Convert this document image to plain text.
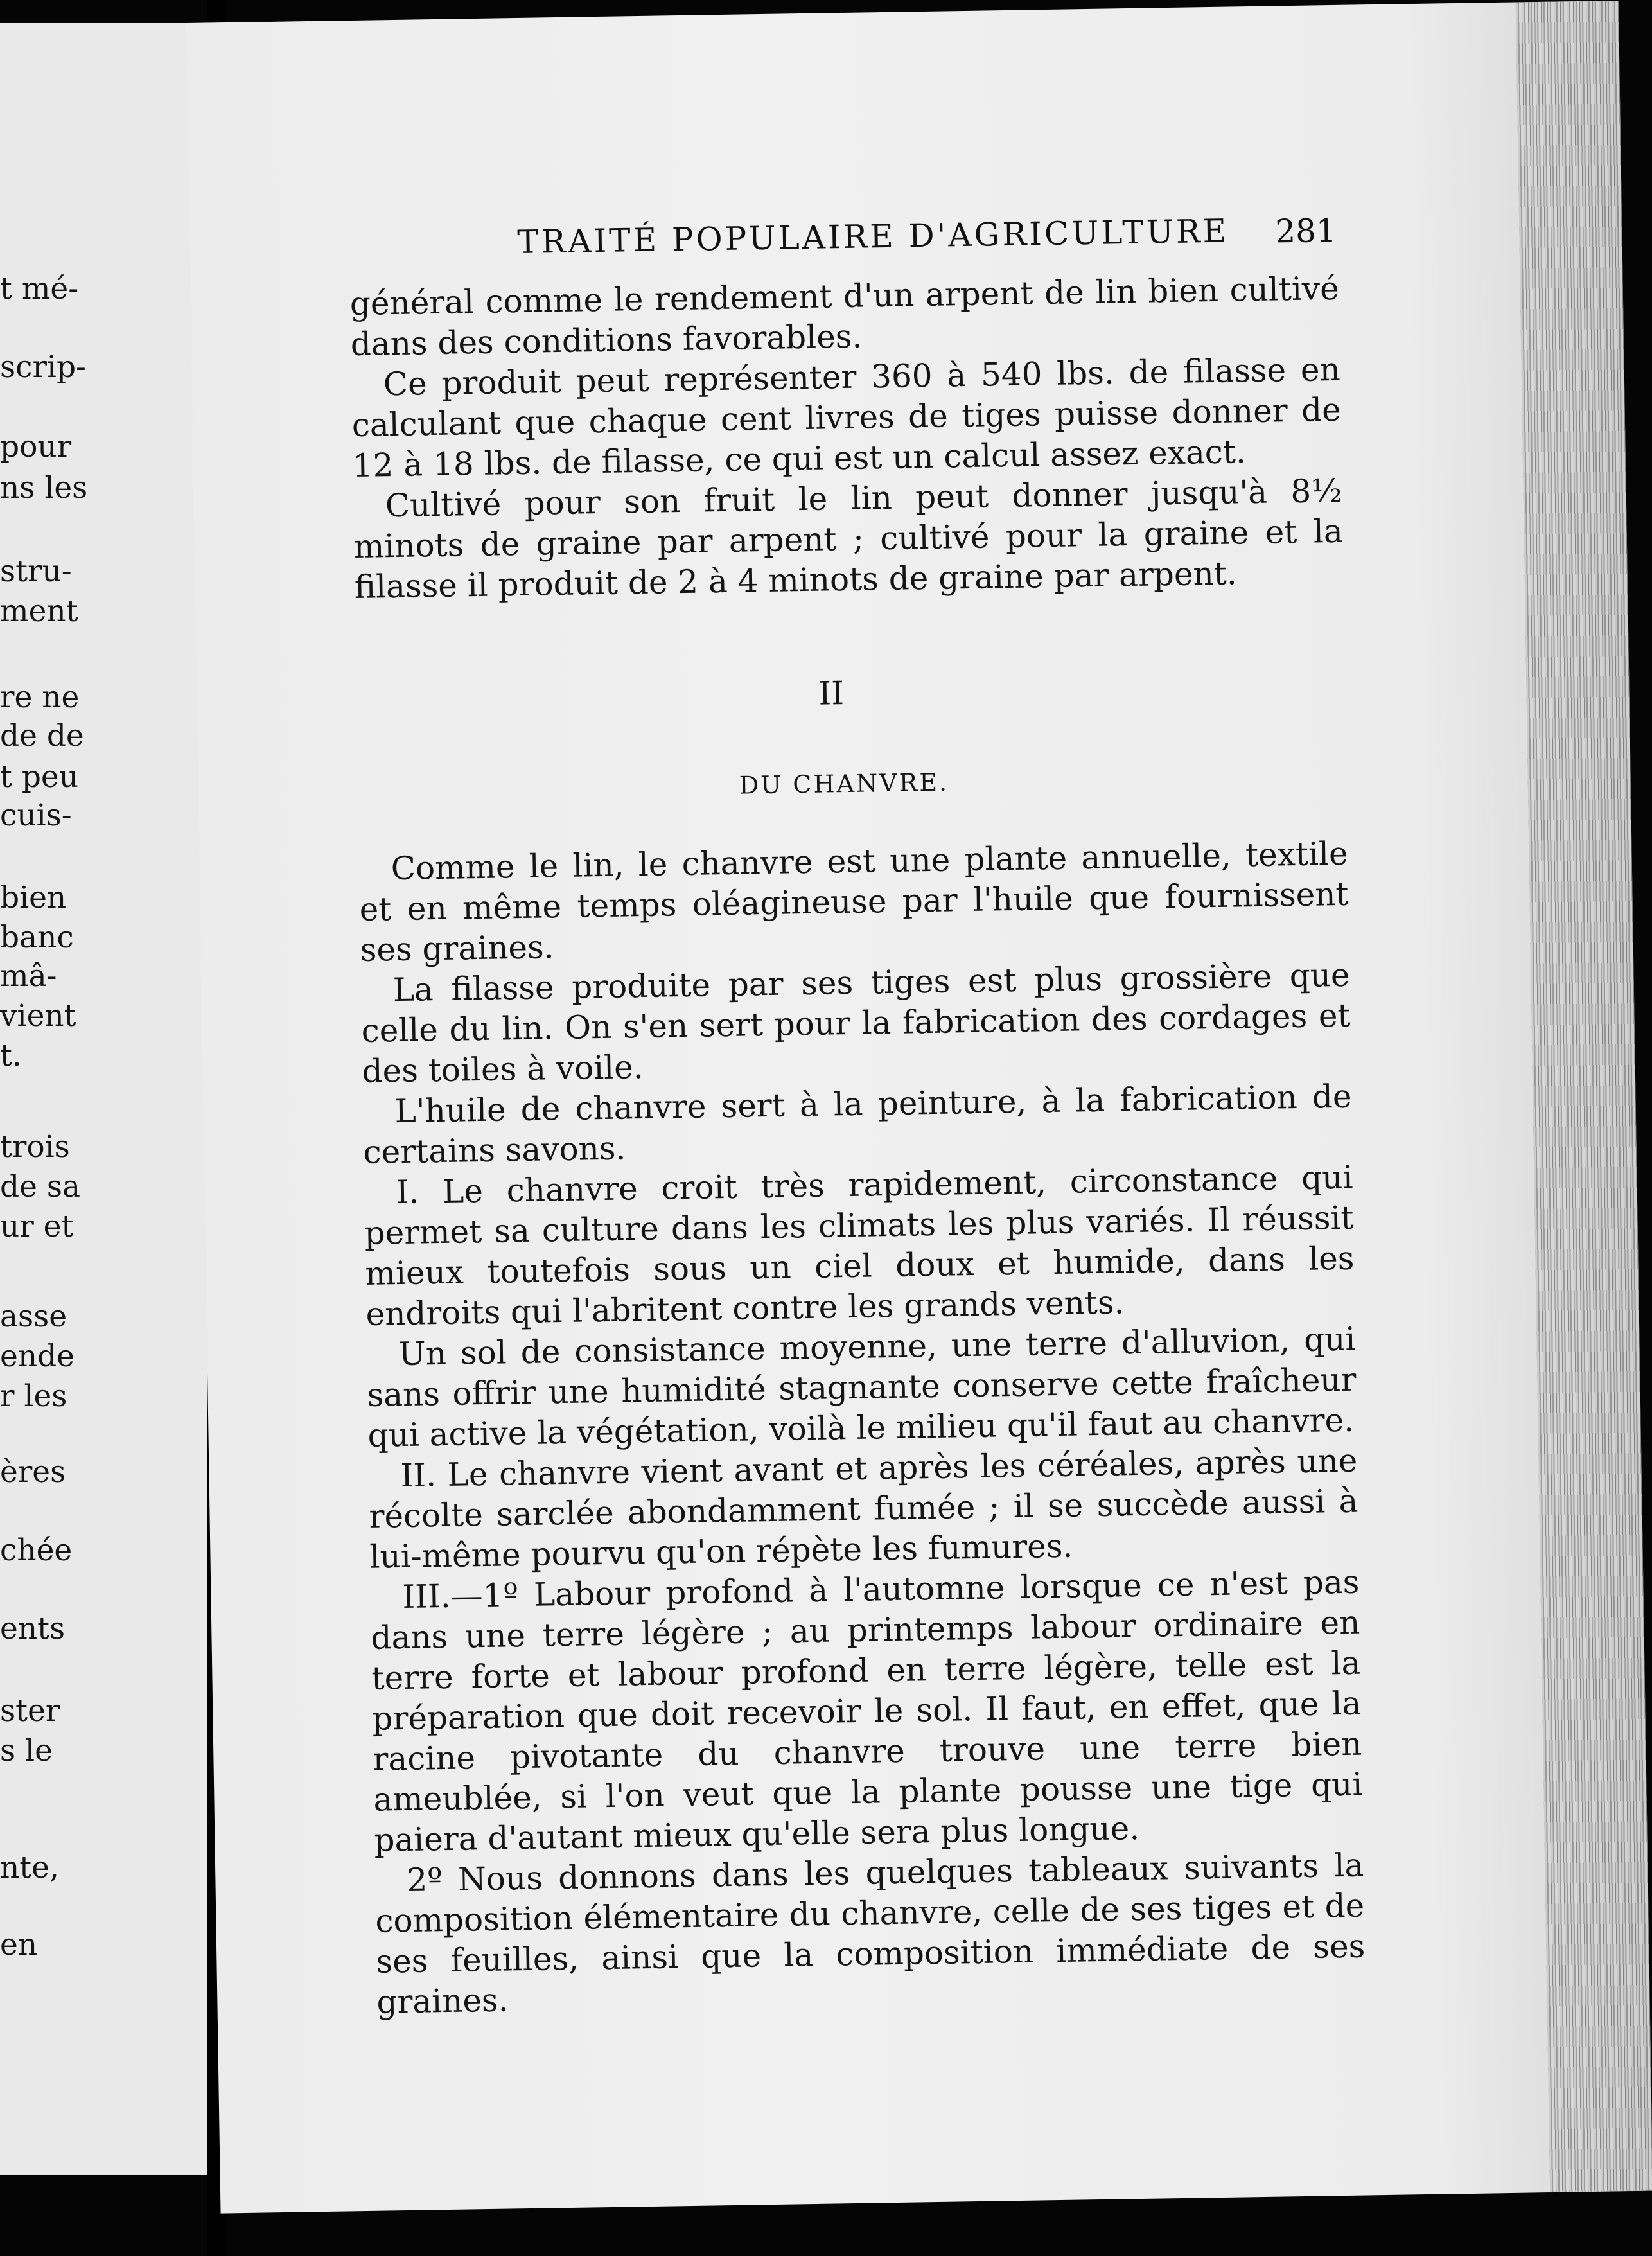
t mé-
scrip-
pour
ns les
stru-
ment
re ne
de de
t peu
cuis-
bien
banc
mâ-
vient
t.
trois
de sa
ur et
asse
ende
r les
ères
chée
ents
ster
s le
nte,
en
TRAITÉ POPULAIRE D'AGRICULTURE 281

général comme le rendement d'un arpent de lin bien cultivé dans des conditions favorables.

Ce produit peut représenter 360 à 540 lbs. de filasse en calculant que chaque cent livres de tiges puisse donner de 12 à 18 lbs. de filasse, ce qui est un calcul assez exact.

Cultivé pour son fruit le lin peut donner jusqu'à 8½ minots de graine par arpent ; cultivé pour la graine et la filasse il produit de 2 à 4 minots de graine par arpent.

II
DU CHANVRE.

Comme le lin, le chanvre est une plante annuelle, textile et en même temps oléagineuse par l'huile que fournissent ses graines.

La filasse produite par ses tiges est plus grossière que celle du lin. On s'en sert pour la fabrication des cordages et des toiles à voile.

L'huile de chanvre sert à la peinture, à la fabrication de certains savons.

I. Le chanvre croit très rapidement, circonstance qui permet sa culture dans les climats les plus variés. Il réussit mieux toutefois sous un ciel doux et humide, dans les endroits qui l'abritent contre les grands vents.

Un sol de consistance moyenne, une terre d'alluvion, qui sans offrir une humidité stagnante conserve cette fraîcheur qui active la végétation, voilà le milieu qu'il faut au chanvre.

II. Le chanvre vient avant et après les céréales, après une récolte sarclée abondamment fumée ; il se succède aussi à lui-même pourvu qu'on répète les fumures.

III.—1º Labour profond à l'automne lorsque ce n'est pas dans une terre légère ; au printemps labour ordinaire en terre forte et labour profond en terre légère, telle est la préparation que doit recevoir le sol. Il faut, en effet, que la racine pivotante du chanvre trouve une terre bien ameublée, si l'on veut que la plante pousse une tige qui paiera d'autant mieux qu'elle sera plus longue.

2º Nous donnons dans les quelques tableaux suivants la composition élémentaire du chanvre, celle de ses tiges et de ses feuilles, ainsi que la composition immédiate de ses graines.
